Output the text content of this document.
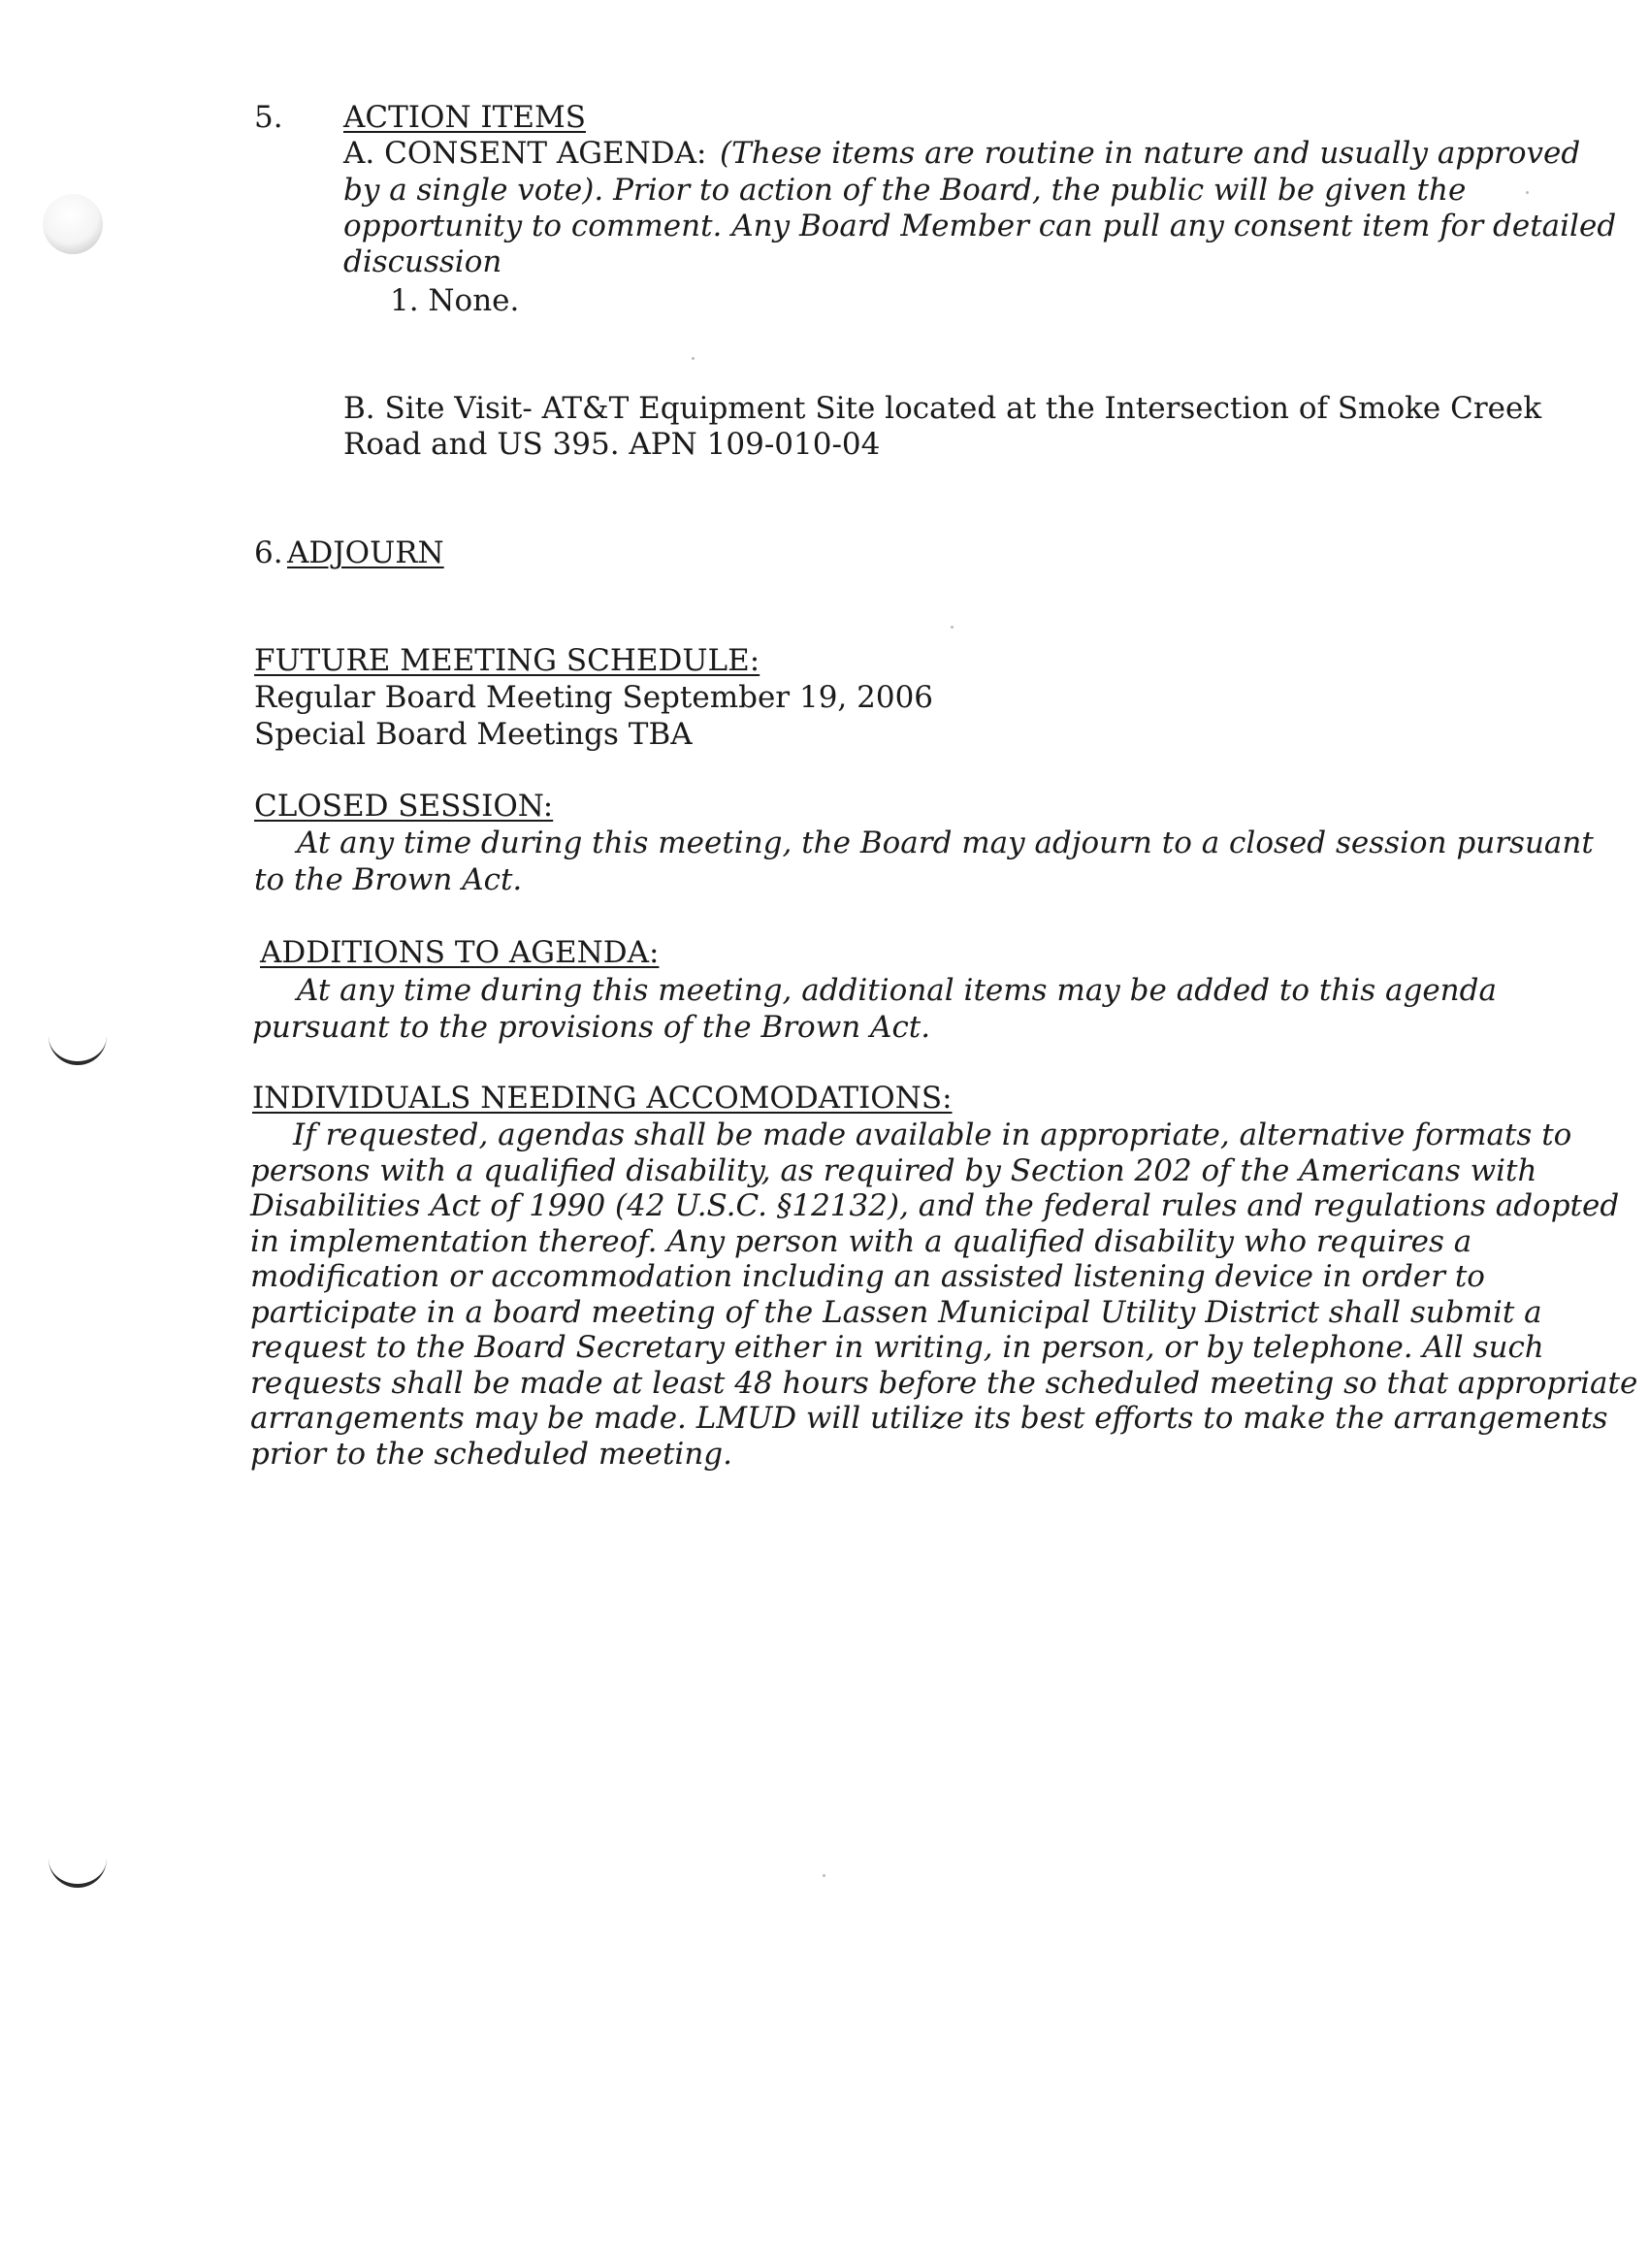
5. ACTION ITEMS
A. CONSENT AGENDA: (These items are routine in nature and usually approved
by a single vote). Prior to action of the Board, the public will be given the
opportunity to comment. Any Board Member can pull any consent item for detailed
discussion
1. None.
B. Site Visit- AT&T Equipment Site located at the Intersection of Smoke Creek
Road and US 395. APN 109-010-04
6. ADJOURN
FUTURE MEETING SCHEDULE:
Regular Board Meeting September 19, 2006
Special Board Meetings TBA
CLOSED SESSION:
At any time during this meeting, the Board may adjourn to a closed session pursuant
to the Brown Act.
ADDITIONS TO AGENDA:
At any time during this meeting, additional items may be added to this agenda
pursuant to the provisions of the Brown Act.
INDIVIDUALS NEEDING ACCOMODATIONS:
If requested, agendas shall be made available in appropriate, alternative formats to
persons with a qualified disability, as required by Section 202 of the Americans with
Disabilities Act of 1990 (42 U.S.C. §12132), and the federal rules and regulations adopted
in implementation thereof. Any person with a qualified disability who requires a
modification or accommodation including an assisted listening device in order to
participate in a board meeting of the Lassen Municipal Utility District shall submit a
request to the Board Secretary either in writing, in person, or by telephone. All such
requests shall be made at least 48 hours before the scheduled meeting so that appropriate
arrangements may be made. LMUD will utilize its best efforts to make the arrangements
prior to the scheduled meeting.
